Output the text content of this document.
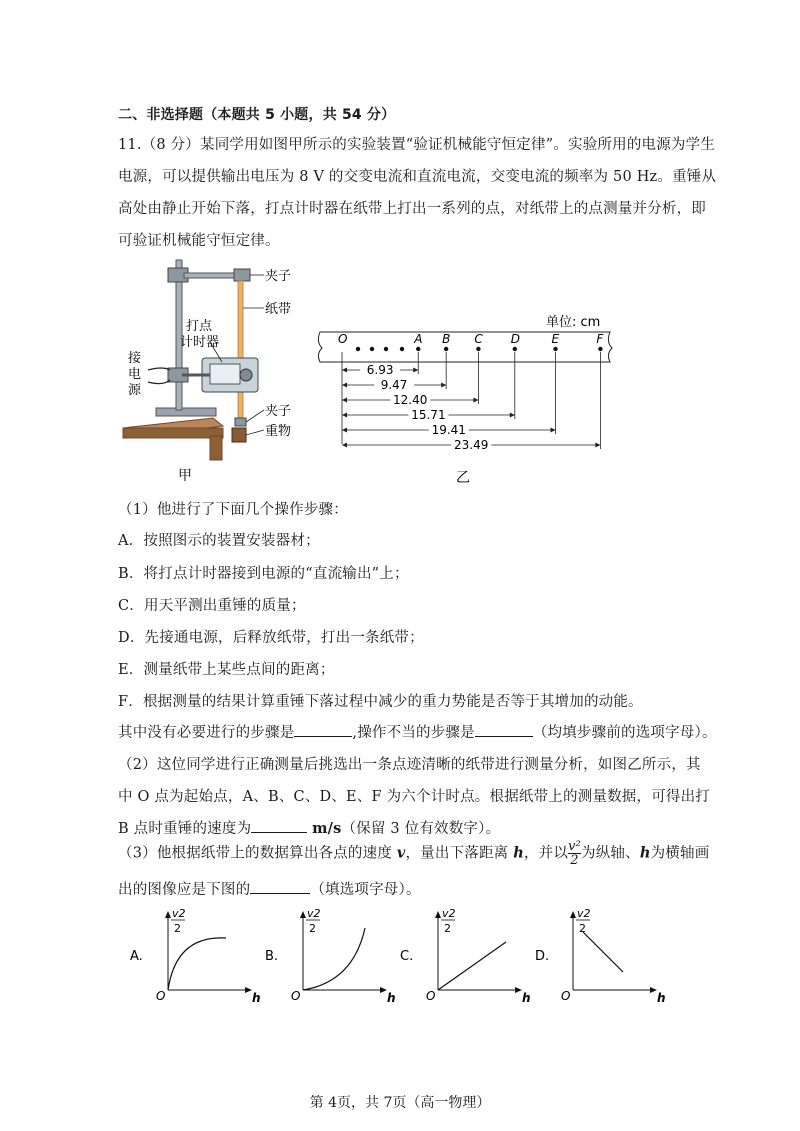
二、非选择题（本题共 5 小题，共 54 分）
11.（8 分）某同学用如图甲所示的实验装置“验证机械能守恒定律”。实验所用的电源为学生
电源，可以提供输出电压为 8 V 的交变电流和直流电流，交变电流的频率为 50 Hz。重锤从
高处由静止开始下落，打点计时器在纸带上打出一系列的点，对纸带上的点测量并分析，即
可验证机械能守恒定律。
夹子
纸带
打点
计时器
接
电
源
夹子
重物
甲
单位: cm
O	A B C D	E	F
6.93
9.47
12.40
15.71
19.41
23.49
乙
（1）他进行了下面几个操作步骤：
A．按照图示的装置安装器材；
B．将打点计时器接到电源的“直流输出”上；
C．用天平测出重锤的质量；
D．先接通电源，后释放纸带，打出一条纸带；
E．测量纸带上某些点间的距离；
F．根据测量的结果计算重锤下落过程中减少的重力势能是否等于其增加的动能。
其中没有必要进行的步骤是	,操作不当的步骤是	（均填步骤前的选项字母）。
（2）这位同学进行正确测量后挑选出一条点迹清晰的纸带进行测量分析，如图乙所示，其
中 O 点为起始点，A、B、C、D、E、F 为六个计时点。根据纸带上的测量数据，可得出打
B 点时重锤的速度为	m/s（保留 3 位有效数字）。
（3）他根据纸带上的数据算出各点的速度 v，量出下落距离 h，并以 $\frac{\text{v²}}{2}$ 为纵轴、h为横轴画
出的图像应是下图的	（填选项字母）。
A.
v2
2
O	h
B.
v2
2
O	h
C.
v2
2
O	h
D.
v2
2
O	h
第 4页，共 7页（高一物理）
